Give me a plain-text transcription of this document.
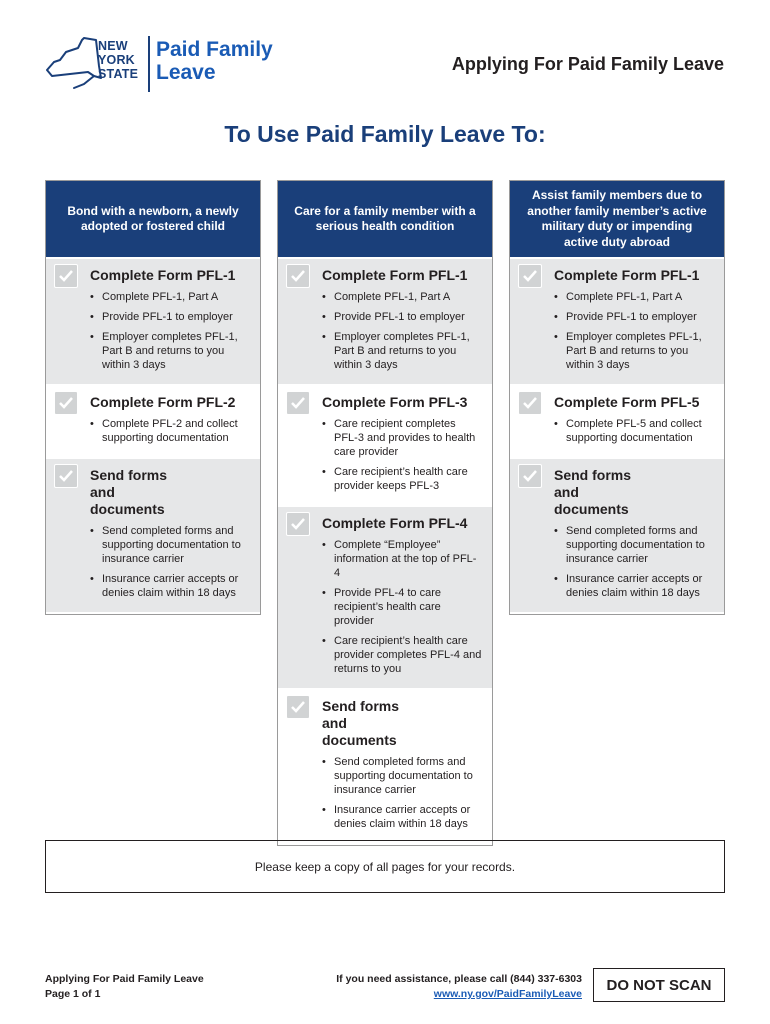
NEW
YORK
STATE
Paid Family
Leave	Applying For Paid Family Leave
To Use Paid Family Leave To:
Bond with a newborn, a newly adopted or fostered child
Complete Form PFL-1
• Complete PFL-1, Part A
• Provide PFL-1 to employer
• Employer completes PFL-1, Part B and returns to you within 3 days
Complete Form PFL-2
• Complete PFL-2 and collect supporting documentation
Send forms and documents
• Send completed forms and supporting documentation to insurance carrier
• Insurance carrier accepts or denies claim within 18 days
Care for a family member with a serious health condition
Complete Form PFL-1
• Complete PFL-1, Part A
• Provide PFL-1 to employer
• Employer completes PFL-1, Part B and returns to you within 3 days
Complete Form PFL-3
• Care recipient completes PFL-3 and provides to health care provider
• Care recipient’s health care provider keeps PFL-3
Complete Form PFL-4
• Complete “Employee” information at the top of PFL-4
• Provide PFL-4 to care recipient’s health care provider
• Care recipient’s health care provider completes PFL-4 and returns to you
Send forms and documents
• Send completed forms and supporting documentation to insurance carrier
• Insurance carrier accepts or denies claim within 18 days
Assist family members due to another family member’s active military duty or impending active duty abroad
Complete Form PFL-1
• Complete PFL-1, Part A
• Provide PFL-1 to employer
• Employer completes PFL-1, Part B and returns to you within 3 days
Complete Form PFL-5
• Complete PFL-5 and collect supporting documentation
Send forms and documents
• Send completed forms and supporting documentation to insurance carrier
• Insurance carrier accepts or denies claim within 18 days
Please keep a copy of all pages for your records.
Applying For Paid Family Leave
Page 1 of 1
If you need assistance, please call (844) 337-6303
www.ny.gov/PaidFamilyLeave
DO NOT SCAN
